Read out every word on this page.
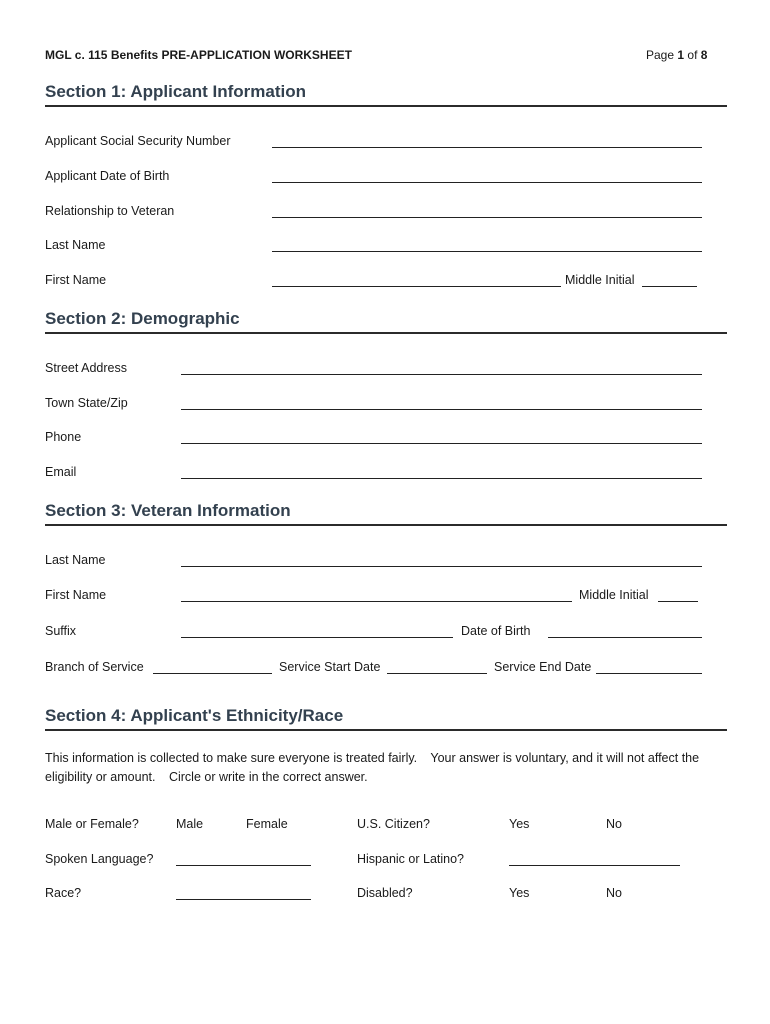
MGL c. 115 Benefits PRE-APPLICATION WORKSHEET	Page 1 of 8
Section 1: Applicant Information
Applicant Social Security Number
Applicant Date of Birth
Relationship to Veteran
Last Name
First Name	Middle Initial
Section 2: Demographic
Street Address
Town State/Zip
Phone
Email
Section 3: Veteran Information
Last Name
First Name	Middle Initial
Suffix	Date of Birth
Branch of Service	Service Start Date	Service End Date
Section 4: Applicant's Ethnicity/Race
This information is collected to make sure everyone is treated fairly. Your answer is voluntary, and it will not affect the
eligibility or amount. Circle or write in the correct answer.
Male or Female?	Male	Female	U.S. Citizen?	Yes	No
Spoken Language?	Hispanic or Latino?
Race?	Disabled?	Yes	No
